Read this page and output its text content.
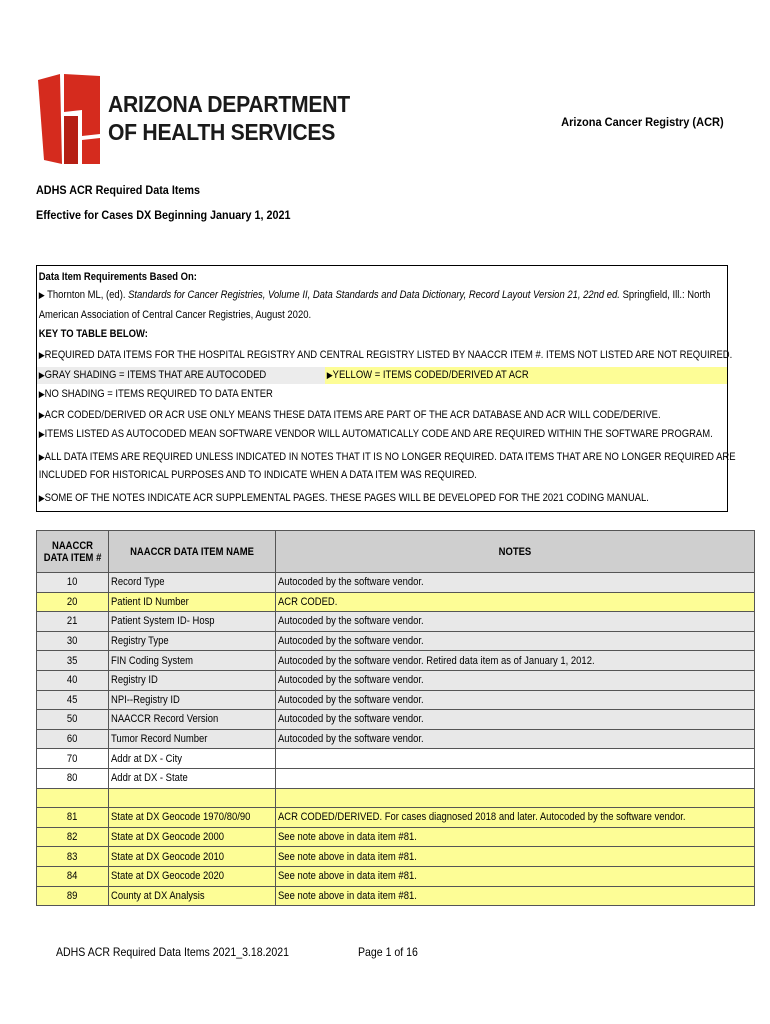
ARIZONA DEPARTMENT
OF HEALTH SERVICES	Arizona Cancer Registry (ACR)
ADHS ACR Required Data Items
Effective for Cases DX Beginning January 1, 2021
Data Item Requirements Based On:
▶ Thornton ML, (ed). Standards for Cancer Registries, Volume II, Data Standards and Data Dictionary, Record Layout Version 21, 22nd ed. Springfield, Ill.: North
American Association of Central Cancer Registries, August 2020.
KEY TO TABLE BELOW:
▶REQUIRED DATA ITEMS FOR THE HOSPITAL REGISTRY AND CENTRAL REGISTRY LISTED BY NAACCR ITEM #. ITEMS NOT LISTED ARE NOT REQUIRED.
▶GRAY SHADING = ITEMS THAT ARE AUTOCODED	▶YELLOW = ITEMS CODED/DERIVED AT ACR
▶NO SHADING = ITEMS REQUIRED TO DATA ENTER
▶ACR CODED/DERIVED OR ACR USE ONLY MEANS THESE DATA ITEMS ARE PART OF THE ACR DATABASE AND ACR WILL CODE/DERIVE.
▶ITEMS LISTED AS AUTOCODED MEAN SOFTWARE VENDOR WILL AUTOMATICALLY CODE AND ARE REQUIRED WITHIN THE SOFTWARE PROGRAM.
▶ALL DATA ITEMS ARE REQUIRED UNLESS INDICATED IN NOTES THAT IT IS NO LONGER REQUIRED. DATA ITEMS THAT ARE NO LONGER REQUIRED ARE
INCLUDED FOR HISTORICAL PURPOSES AND TO INDICATE WHEN A DATA ITEM WAS REQUIRED.
▶SOME OF THE NOTES INDICATE ACR SUPPLEMENTAL PAGES. THESE PAGES WILL BE DEVELOPED FOR THE 2021 CODING MANUAL.
NAACCR
DATA ITEM #	NAACCR DATA ITEM NAME	NOTES
10	Record Type	Autocoded by the software vendor.
20	Patient ID Number	ACR CODED.
21	Patient System ID- Hosp	Autocoded by the software vendor.
30	Registry Type	Autocoded by the software vendor.
35	FIN Coding System	Autocoded by the software vendor. Retired data item as of January 1, 2012.
40	Registry ID	Autocoded by the software vendor.
45	NPI--Registry ID	Autocoded by the software vendor.
50	NAACCR Record Version	Autocoded by the software vendor.
60	Tumor Record Number	Autocoded by the software vendor.
70	Addr at DX - City	
80	Addr at DX - State	

81	State at DX Geocode 1970/80/90	ACR CODED/DERIVED. For cases diagnosed 2018 and later. Autocoded by the software vendor.
82	State at DX Geocode 2000	See note above in data item #81.
83	State at DX Geocode 2010	See note above in data item #81.
84	State at DX Geocode 2020	See note above in data item #81.
89	County at DX Analysis	See note above in data item #81.
ADHS ACR Required Data Items 2021_3.18.2021	Page 1 of 16
